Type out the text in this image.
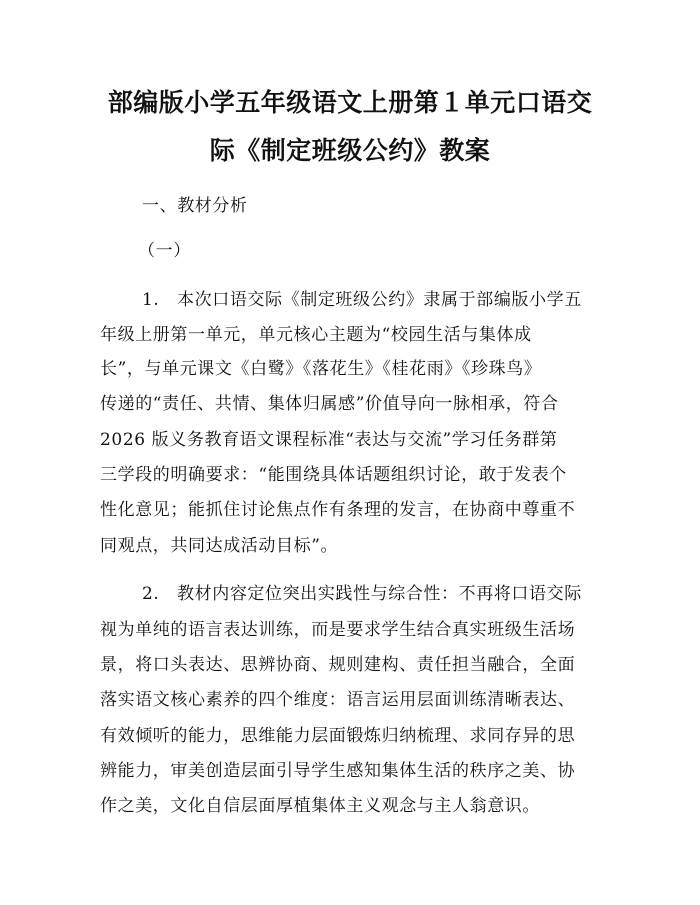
部编版小学五年级语文上册第１单元口语交
际《制定班级公约》教案
一、教材分析
（一）
1.　本次口语交际《制定班级公约》隶属于部编版小学五
年级上册第一单元，单元核心主题为“校园生活与集体成
长”，与单元课文《白鹭》《落花生》《桂花雨》《珍珠鸟》
传递的“责任、共情、集体归属感”价值导向一脉相承，符合
2026 版义务教育语文课程标准“表达与交流”学习任务群第
三学段的明确要求：“能围绕具体话题组织讨论，敢于发表个
性化意见；能抓住讨论焦点作有条理的发言，在协商中尊重不
同观点，共同达成活动目标”。
2.　教材内容定位突出实践性与综合性：不再将口语交际
视为单纯的语言表达训练，而是要求学生结合真实班级生活场
景，将口头表达、思辨协商、规则建构、责任担当融合，全面
落实语文核心素养的四个维度：语言运用层面训练清晰表达、
有效倾听的能力，思维能力层面锻炼归纳梳理、求同存异的思
辨能力，审美创造层面引导学生感知集体生活的秩序之美、协
作之美，文化自信层面厚植集体主义观念与主人翁意识。
